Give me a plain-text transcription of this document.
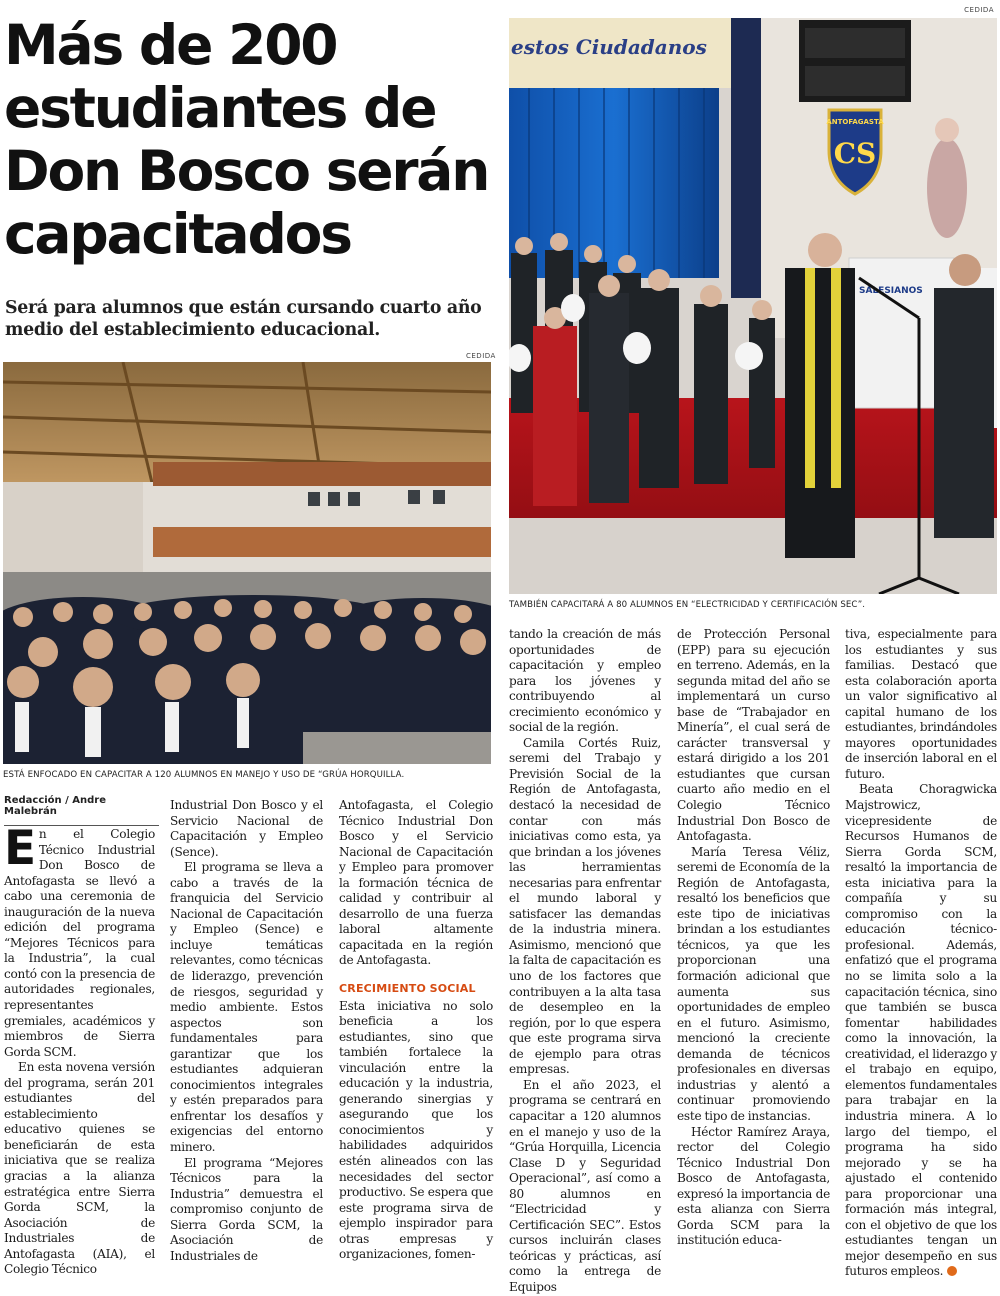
Más de 200 estudiantes de Don Bosco serán capacitados
Será para alumnos que están cursando cuarto año medio del establecimiento educacional.
CEDIDA
estos Ciudadanos
ANTOFAGASTA
CS
SALESIANOS
TAMBIÉN CAPACITARÁ A 80 ALUMNOS EN “ELECTRICIDAD Y CERTIFICACIÓN SEC”.
CEDIDA
ESTÁ ENFOCADO EN CAPACITAR A 120 ALUMNOS EN MANEJO Y USO DE “GRÚA HORQUILLA.
Redacción / Andre Malebrán

En el Colegio Técnico Industrial Don Bosco de Antofagasta se llevó a cabo una ceremonia de inauguración de la nueva edición del programa “Mejores Técnicos para la Industria”, la cual contó con la presencia de autoridades regionales, representantes gremiales, académicos y miembros de Sierra Gorda SCM.

En esta novena versión del programa, serán 201 estudiantes del establecimiento educativo quienes se beneficiarán de esta iniciativa que se realiza gracias a la alianza estratégica entre Sierra Gorda SCM, la Asociación de Industriales de Antofagasta (AIA), el Colegio Técnico

Industrial Don Bosco y el Servicio Nacional de Capacitación y Empleo (Sence).

El programa se lleva a cabo a través de la franquicia del Servicio Nacional de Capacitación y Empleo (Sence) e incluye temáticas relevantes, como técnicas de liderazgo, prevención de riesgos, seguridad y medio ambiente. Estos aspectos son fundamentales para garantizar que los estudiantes adquieran conocimientos integrales y estén preparados para enfrentar los desafíos y exigencias del entorno minero.

El programa “Mejores Técnicos para la Industria” demuestra el compromiso conjunto de Sierra Gorda SCM, la Asociación de Industriales de

Antofagasta, el Colegio Técnico Industrial Don Bosco y el Servicio Nacional de Capacitación y Empleo para promover la formación técnica de calidad y contribuir al desarrollo de una fuerza laboral altamente capacitada en la región de Antofagasta.

CRECIMIENTO SOCIAL

Esta iniciativa no solo beneficia a los estudiantes, sino que también fortalece la vinculación entre la educación y la industria, generando sinergias y asegurando que los conocimientos y habilidades adquiridos estén alineados con las necesidades del sector productivo. Se espera que este programa sirva de ejemplo inspirador para otras empresas y organizaciones, fomen-

tando la creación de más oportunidades de capacitación y empleo para los jóvenes y contribuyendo al crecimiento económico y social de la región.

Camila Cortés Ruiz, seremi del Trabajo y Previsión Social de la Región de Antofagasta, destacó la necesidad de contar con más iniciativas como esta, ya que brindan a los jóvenes las herramientas necesarias para enfrentar el mundo laboral y satisfacer las demandas de la industria minera. Asimismo, mencionó que la falta de capacitación es uno de los factores que contribuyen a la alta tasa de desempleo en la región, por lo que espera que este programa sirva de ejemplo para otras empresas.

En el año 2023, el programa se centrará en capacitar a 120 alumnos en el manejo y uso de la “Grúa Horquilla, Licencia Clase D y Seguridad Operacional”, así como a 80 alumnos en “Electricidad y Certificación SEC”. Estos cursos incluirán clases teóricas y prácticas, así como la entrega de Equipos

de Protección Personal (EPP) para su ejecución en terreno. Además, en la segunda mitad del año se implementará un curso base de “Trabajador en Minería”, el cual será de carácter transversal y estará dirigido a los 201 estudiantes que cursan cuarto año medio en el Colegio Técnico Industrial Don Bosco de Antofagasta.

María Teresa Véliz, seremi de Economía de la Región de Antofagasta, resaltó los beneficios que este tipo de iniciativas brindan a los estudiantes técnicos, ya que les proporcionan una formación adicional que aumenta sus oportunidades de empleo en el futuro. Asimismo, mencionó la creciente demanda de técnicos profesionales en diversas industrias y alentó a continuar promoviendo este tipo de instancias.

Héctor Ramírez Araya, rector del Colegio Técnico Industrial Don Bosco de Antofagasta, expresó la importancia de esta alianza con Sierra Gorda SCM para la institución educa-

tiva, especialmente para los estudiantes y sus familias. Destacó que esta colaboración aporta un valor significativo al capital humano de los estudiantes, brindándoles mayores oportunidades de inserción laboral en el futuro.

Beata Choragwicka Majstrowicz, vicepresidente de Recursos Humanos de Sierra Gorda SCM, resaltó la importancia de esta iniciativa para la compañía y su compromiso con la educación técnico-profesional. Además, enfatizó que el programa no se limita solo a la capacitación técnica, sino que también se busca fomentar habilidades como la innovación, la creatividad, el liderazgo y el trabajo en equipo, elementos fundamentales para trabajar en la industria minera. A lo largo del tiempo, el programa ha sido mejorado y se ha ajustado el contenido para proporcionar una formación más integral, con el objetivo de que los estudiantes tengan un mejor desempeño en sus futuros empleos.
